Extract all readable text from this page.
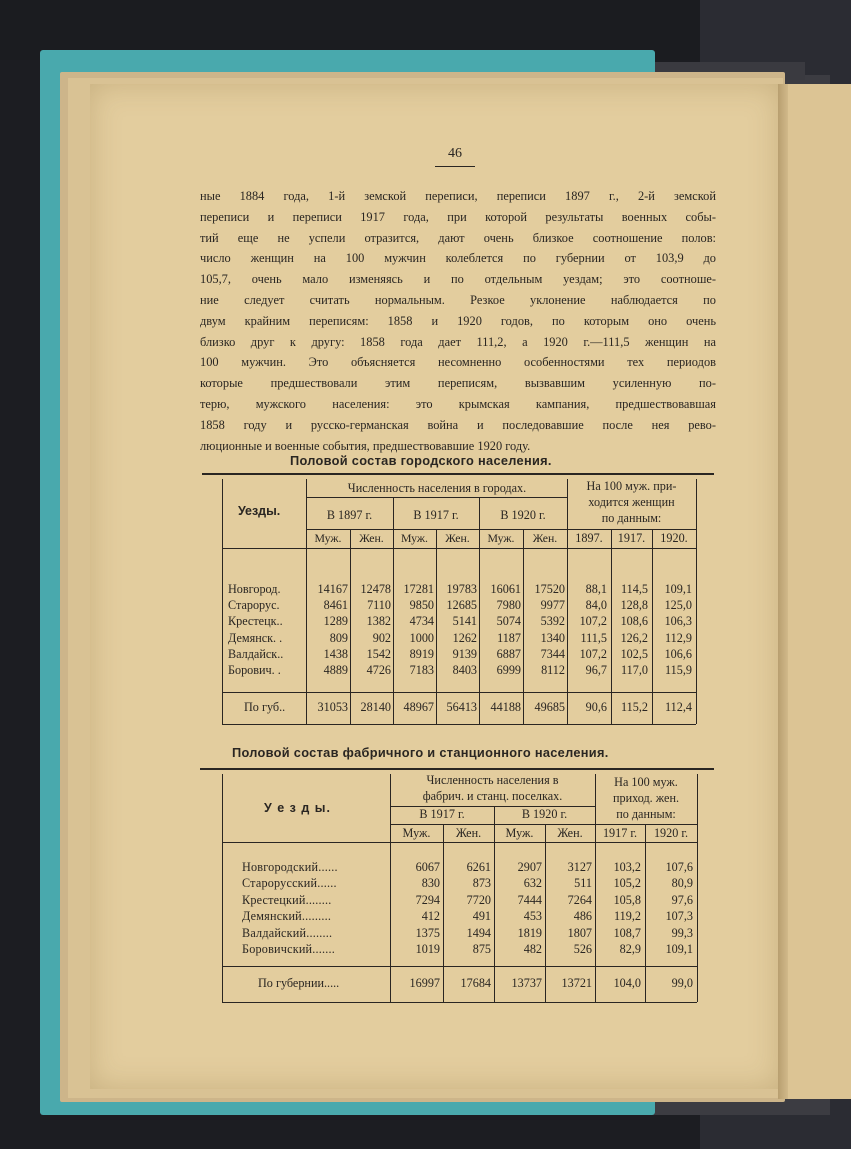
46
ные 1884 года, 1-й земской переписи, переписи 1897 г., 2-й земской
переписи и переписи 1917 года, при которой результаты военных собы-
тий еще не успели отразится, дают очень близкое соотношение полов:
число женщин на 100 мужчин колеблется по губернии от 103,9 до
105,7, очень мало изменяясь и по отдельным уездам; это соотноше-
ние следует считать нормальным. Резкое уклонение наблюдается по
двум крайним переписям: 1858 и 1920 годов, по которым оно очень
близко друг к другу: 1858 года дает 111,2, а 1920 г.—111,5 женщин на
100 мужчин. Это объясняется несомненно особенностями тех периодов
которые предшествовали этим переписям, вызвавшим усиленную по-
терю, мужского населения: это крымская кампания, предшествовавшая
1858 году и русско-германская война и последовавшие после нея рево-
люционные и военные события, предшествовавшие 1920 году.
Половой состав городского населения.
Уезды.
Численность населения в городах.	На 100 муж. при-
ходится женщин
по данным:
В 1897 г.	В 1917 г.	В 1920 г.
Муж.	Жен.	Муж.	Жен.	Муж.	Жен.	1897.	1917.	1920.
Новгород.	14167	12478	17281	19783	16061	17520	88,1	114,5	109,1
Старорус.	8461	7110	9850	12685	7980	9977	84,0	128,8	125,0
Крестецк..	1289	1382	4734	5141	5074	5392	107,2	108,6	106,3
Демянск. .	809	902	1000	1262	1187	1340	111,5	126,2	112,9
Валдайск..	1438	1542	8919	9139	6887	7344	107,2	102,5	106,6
Борович. .	4889	4726	7183	8403	6999	8112	96,7	117,0	115,9
По губ..	31053	28140	48967	56413	44188	49685	90,6	115,2	112,4
Половой состав фабричного и станционного населения.
У е з д ы.
Численность населения в
фабрич. и станц. поселках.
На 100 муж.
приход. жен.
по данным:
В 1917 г.	В 1920 г.
Муж.	Жен.	Муж.	Жен.	1917 г.	1920 г.
Новгородский......	6067	6261	2907	3127	103,2	107,6
Старорусский......	830	873	632	511	105,2	80,9
Крестецкий........	7294	7720	7444	7264	105,8	97,6
Демянский.........	412	491	453	486	119,2	107,3
Валдайский........	1375	1494	1819	1807	108,7	99,3
Боровичский.......	1019	875	482	526	82,9	109,1
По губернии.....	16997	17684	13737	13721	104,0	99,0
